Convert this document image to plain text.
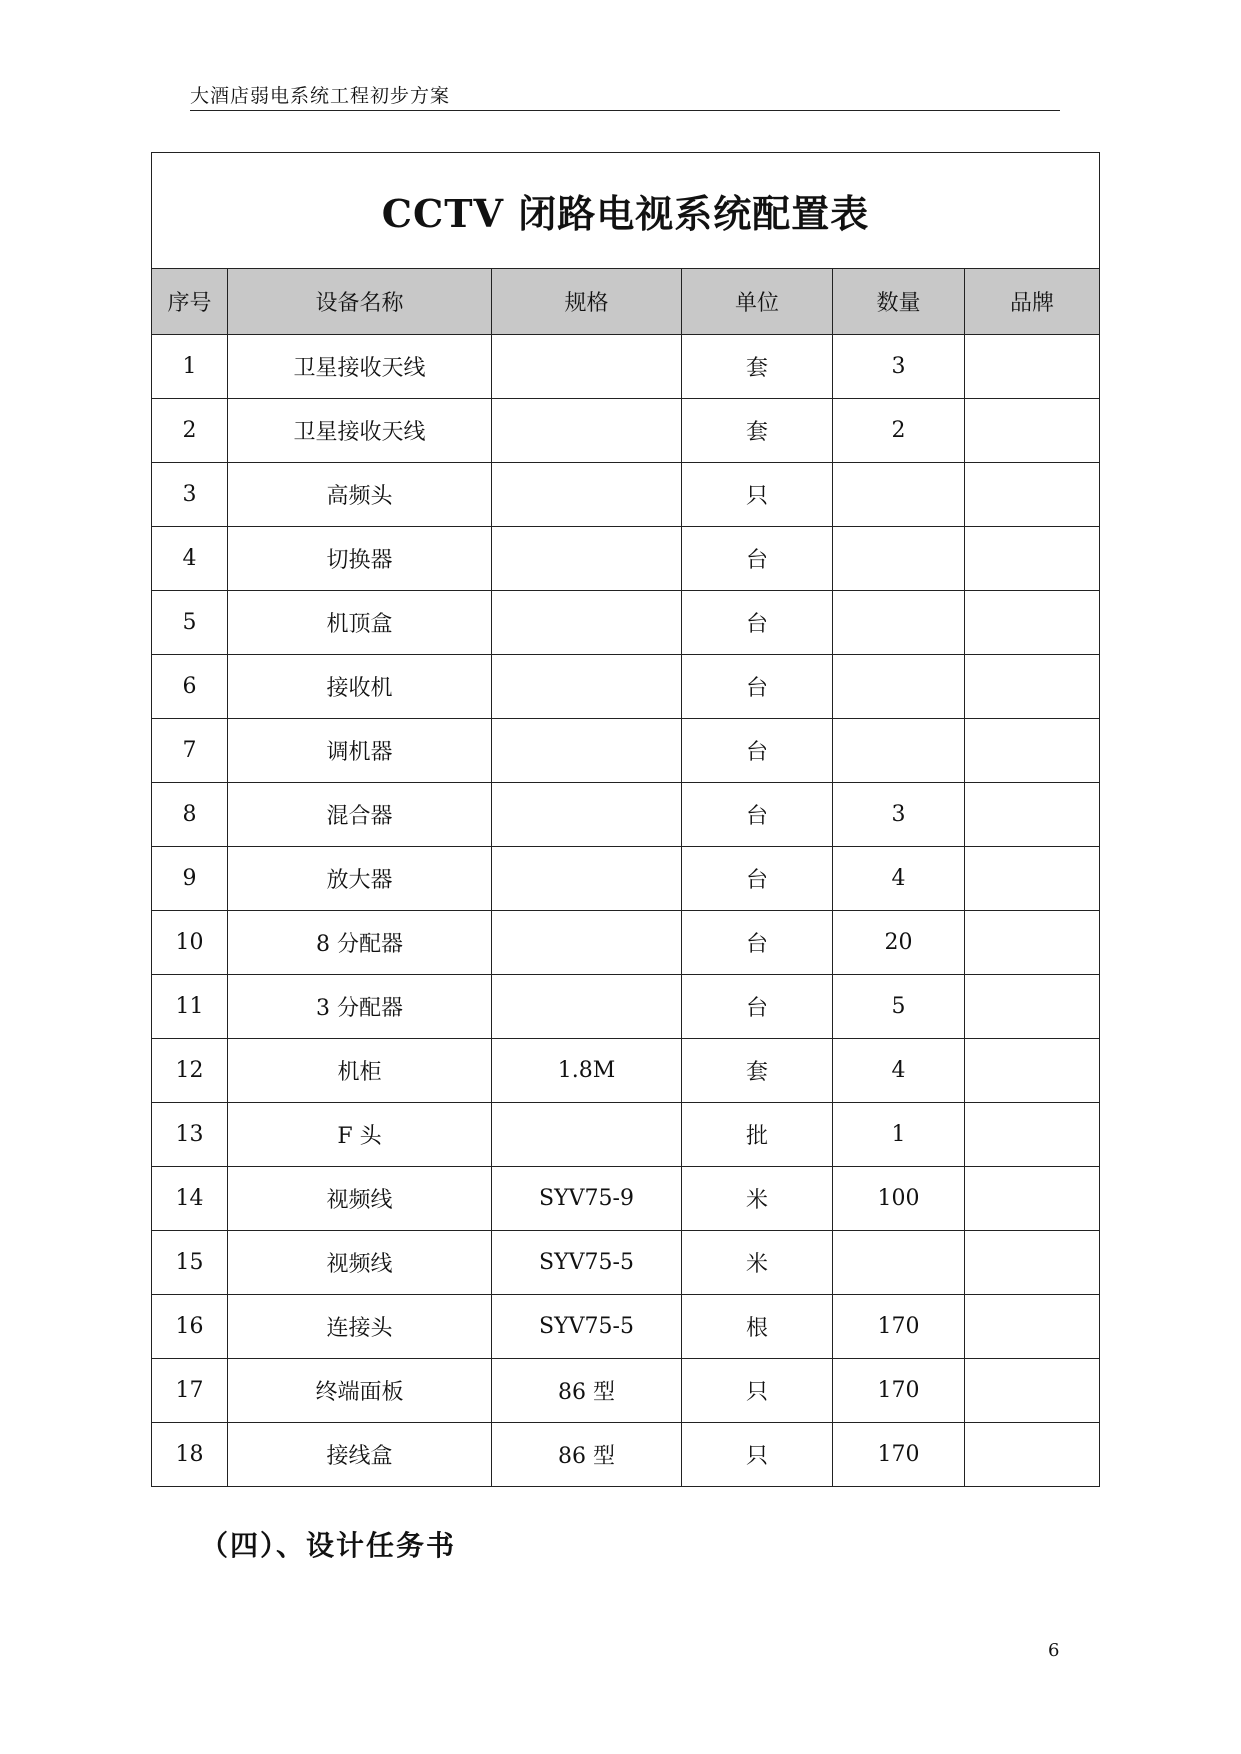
大酒店弱电系统工程初步方案
CCTV 闭路电视系统配置表					
序号	设备名称	规格	单位	数量	品牌
1	卫星接收天线		套	3	
2	卫星接收天线		套	2	
3	高频头		只		
4	切换器		台		
5	机顶盒		台		
6	接收机		台		
7	调机器		台		
8	混合器		台	3	
9	放大器		台	4	
10	8 分配器		台	20	
11	3 分配器		台	5	
12	机柜	1.8M	套	4	
13	F 头		批	1	
14	视频线	SYV75-9	米	100	
15	视频线	SYV75-5	米		
16	连接头	SYV75-5	根	170	
17	终端面板	86 型	只	170	
18	接线盒	86 型	只	170	
（四）、设计任务书
6
